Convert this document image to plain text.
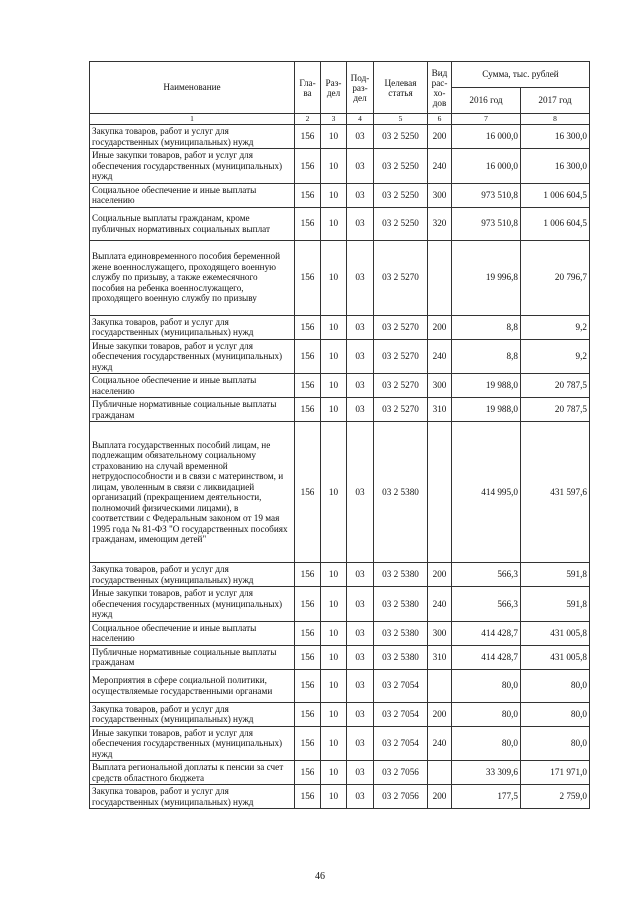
Наименование	Гла-ва	Раз-дел	Под-раз-дел	Целевая статья	Вид рас-хо-дов	Сумма, тыс. рублей	
						2016 год	2017 год
1	2	3	4	5	6	7	8
Закупка товаров, работ и услуг для государственных (муниципальных) нужд	156	10	03	03 2 5250	200	16 000,0	16 300,0
Иные закупки товаров, работ и услуг для обеспечения государственных (муниципальных) нужд	156	10	03	03 2 5250	240	16 000,0	16 300,0
Социальное обеспечение и иные выплаты населению	156	10	03	03 2 5250	300	973 510,8	1 006 604,5
Социальные выплаты гражданам, кроме публичных нормативных социальных выплат	156	10	03	03 2 5250	320	973 510,8	1 006 604,5
Выплата единовременного пособия беременной жене военнослужащего, проходящего военную службу по призыву, а также ежемесячного пособия на ребенка военнослужащего, проходящего военную службу по призыву	156	10	03	03 2 5270		19 996,8	20 796,7
Закупка товаров, работ и услуг для государственных (муниципальных) нужд	156	10	03	03 2 5270	200	8,8	9,2
Иные закупки товаров, работ и услуг для обеспечения государственных (муниципальных) нужд	156	10	03	03 2 5270	240	8,8	9,2
Социальное обеспечение и иные выплаты населению	156	10	03	03 2 5270	300	19 988,0	20 787,5
Публичные нормативные социальные выплаты гражданам	156	10	03	03 2 5270	310	19 988,0	20 787,5
Выплата государственных пособий лицам, не подлежащим обязательному социальному страхованию на случай временной нетрудоспособности и в связи с материнством, и лицам, уволенным в связи с ликвидацией организаций (прекращением деятельности, полномочий физическими лицами), в соответствии с Федеральным законом от 19 мая 1995 года № 81-ФЗ "О государственных пособиях гражданам, имеющим детей"	156	10	03	03 2 5380		414 995,0	431 597,6
Закупка товаров, работ и услуг для государственных (муниципальных) нужд	156	10	03	03 2 5380	200	566,3	591,8
Иные закупки товаров, работ и услуг для обеспечения государственных (муниципальных) нужд	156	10	03	03 2 5380	240	566,3	591,8
Социальное обеспечение и иные выплаты населению	156	10	03	03 2 5380	300	414 428,7	431 005,8
Публичные нормативные социальные выплаты гражданам	156	10	03	03 2 5380	310	414 428,7	431 005,8
Мероприятия в сфере социальной политики, осуществляемые государственными органами	156	10	03	03 2 7054		80,0	80,0
Закупка товаров, работ и услуг для государственных (муниципальных) нужд	156	10	03	03 2 7054	200	80,0	80,0
Иные закупки товаров, работ и услуг для обеспечения государственных (муниципальных) нужд	156	10	03	03 2 7054	240	80,0	80,0
Выплата региональной доплаты к пенсии за счет средств областного бюджета	156	10	03	03 2 7056		33 309,6	171 971,0
Закупка товаров, работ и услуг для государственных (муниципальных) нужд	156	10	03	03 2 7056	200	177,5	2 759,0
46
